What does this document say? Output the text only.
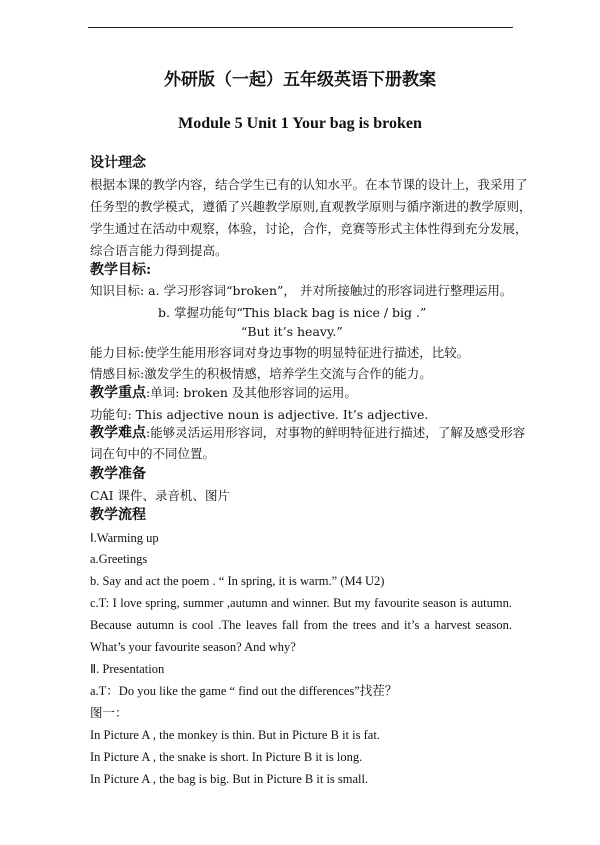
外研版（一起）五年级英语下册教案
Module 5 Unit 1 Your bag is broken
设计理念
根据本课的教学内容，结合学生已有的认知水平。在本节课的设计上，我采用了
任务型的教学模式，遵循了兴趣教学原则,直观教学原则与循序渐进的教学原则，
学生通过在活动中观察，体验，讨论，合作，竞赛等形式主体性得到充分发展，
综合语言能力得到提高。
教学目标:
知识目标: a. 学习形容词“broken”， 并对所接触过的形容词进行整理运用。
b. 掌握功能句“This black bag is nice / big .”
“But it’s heavy.”
能力目标:使学生能用形容词对身边事物的明显特征进行描述，比较。
情感目标:激发学生的积极情感，培养学生交流与合作的能力。
教学重点:单词: broken 及其他形容词的运用。
功能句: This adjective noun is adjective. It’s adjective.
教学难点:能够灵活运用形容词，对事物的鲜明特征进行描述，了解及感受形容
词在句中的不同位置。
教学准备
CAI 课件、录音机、图片
教学流程
Ⅰ.Warming up
a.Greetings
b. Say and act the poem . “ In spring, it is warm.” (M4 U2)
c.T: I love spring, summer ,autumn and winner. But my favourite season is autumn.
Because autumn is cool .The leaves fall from the trees and it’s a harvest season.
What’s your favourite season? And why?
Ⅱ. Presentation
a.T：Do you like the game “ find out the differences”找茬？
图一：
In Picture A , the monkey is thin. But in Picture B it is fat.
In Picture A , the snake is short. In Picture B it is long.
In Picture A , the bag is big. But in Picture B it is small.
